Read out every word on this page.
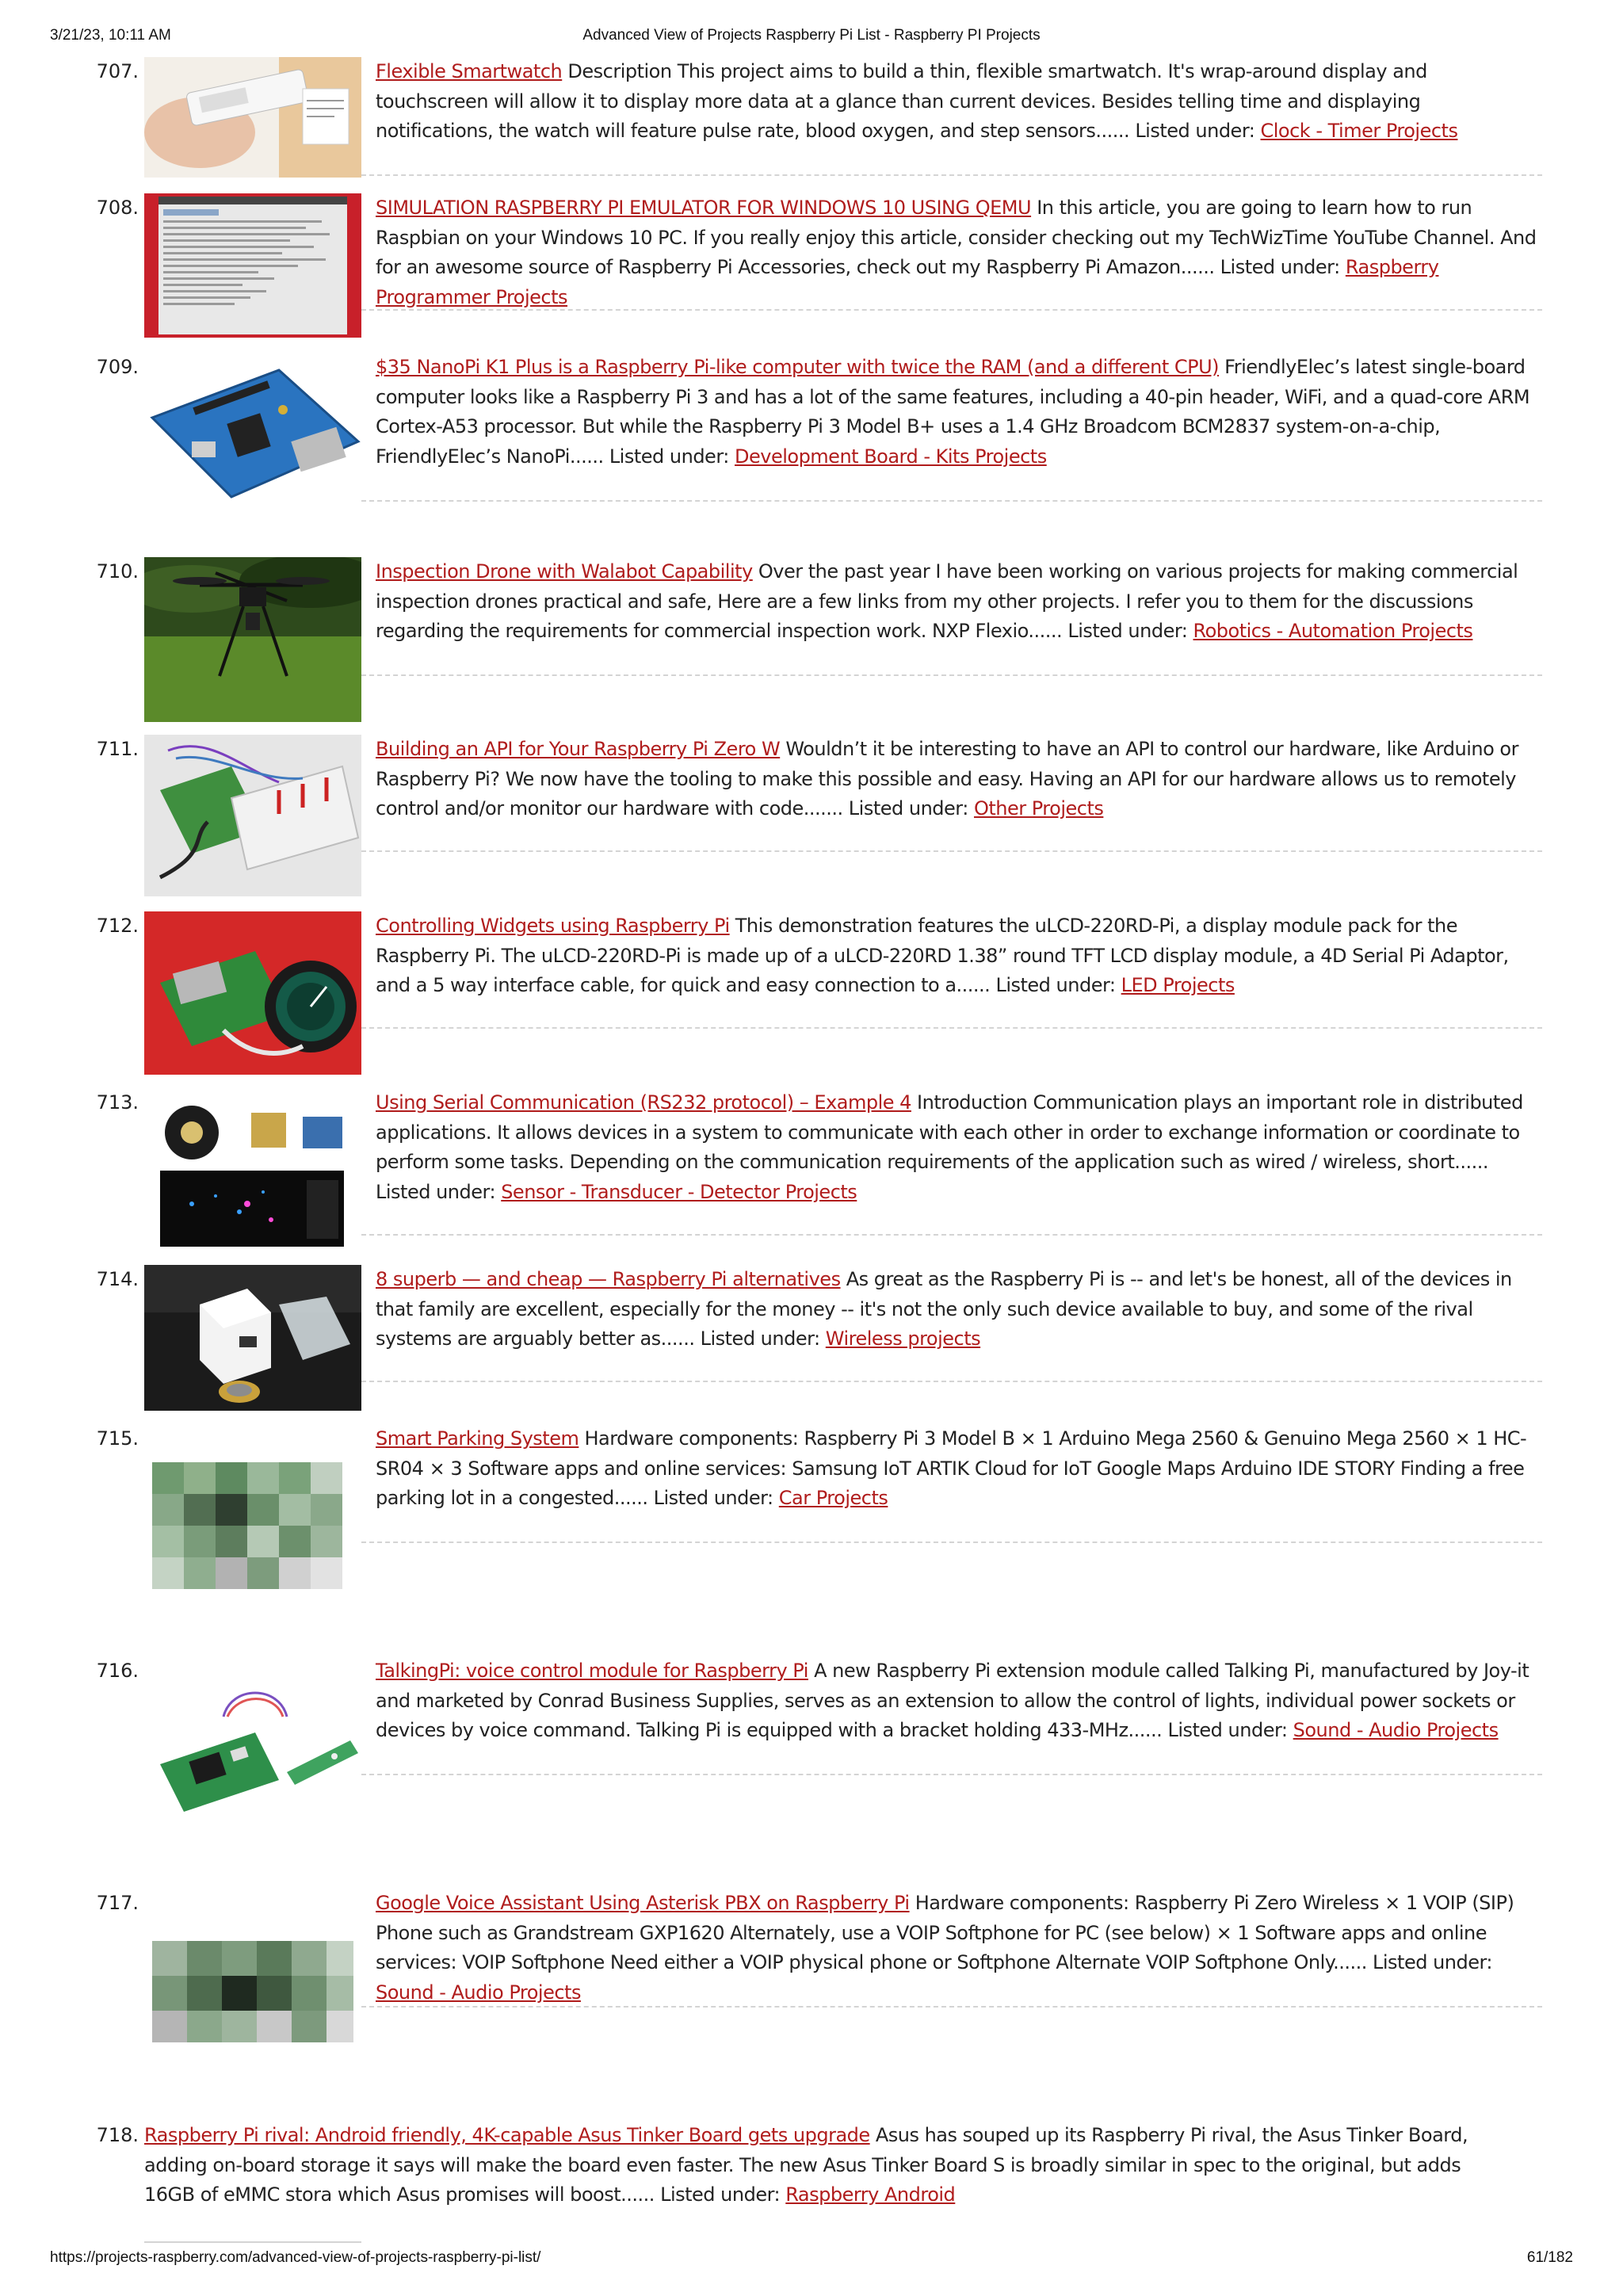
3/21/23, 10:11 AM	Advanced View of Projects Raspberry Pi List - Raspberry PI Projects
707.	Flexible Smartwatch Description This project aims to build a thin, flexible smartwatch. It's wrap-around display and touchscreen will allow it to display more data at a glance than current devices. Besides telling time and displaying notifications, the watch will feature pulse rate, blood oxygen, and step sensors...... Listed under: Clock - Timer Projects
708.	SIMULATION RASPBERRY PI EMULATOR FOR WINDOWS 10 USING QEMU In this article, you are going to learn how to run Raspbian on your Windows 10 PC. If you really enjoy this article, consider checking out my TechWizTime YouTube Channel. And for an awesome source of Raspberry Pi Accessories, check out my Raspberry Pi Amazon...... Listed under: Raspberry Programmer Projects
709.	$35 NanoPi K1 Plus is a Raspberry Pi-like computer with twice the RAM (and a different CPU) FriendlyElec’s latest single-board computer looks like a Raspberry Pi 3 and has a lot of the same features, including a 40-pin header, WiFi, and a quad-core ARM Cortex-A53 processor. But while the Raspberry Pi 3 Model B+ uses a 1.4 GHz Broadcom BCM2837 system-on-a-chip, FriendlyElec’s NanoPi...... Listed under: Development Board - Kits Projects
710.	Inspection Drone with Walabot Capability Over the past year I have been working on various projects for making commercial inspection drones practical and safe, Here are a few links from my other projects. I refer you to them for the discussions regarding the requirements for commercial inspection work. NXP Flexio...... Listed under: Robotics - Automation Projects
711.	Building an API for Your Raspberry Pi Zero W Wouldn’t it be interesting to have an API to control our hardware, like Arduino or Raspberry Pi? We now have the tooling to make this possible and easy. Having an API for our hardware allows us to remotely control and/or monitor our hardware with code....... Listed under: Other Projects
712.	Controlling Widgets using Raspberry Pi This demonstration features the uLCD-220RD-Pi, a display module pack for the Raspberry Pi. The uLCD-220RD-Pi is made up of a uLCD-220RD 1.38” round TFT LCD display module, a 4D Serial Pi Adaptor, and a 5 way interface cable, for quick and easy connection to a...... Listed under: LED Projects
713.	Using Serial Communication (RS232 protocol) – Example 4 Introduction Communication plays an important role in distributed applications. It allows devices in a system to communicate with each other in order to exchange information or coordinate to perform some tasks. Depending on the communication requirements of the application such as wired / wireless, short...... Listed under: Sensor - Transducer - Detector Projects
714.	8 superb — and cheap — Raspberry Pi alternatives As great as the Raspberry Pi is -- and let's be honest, all of the devices in that family are excellent, especially for the money -- it's not the only such device available to buy, and some of the rival systems are arguably better as...... Listed under: Wireless projects
715.	Smart Parking System Hardware components: Raspberry Pi 3 Model B × 1 Arduino Mega 2560 & Genuino Mega 2560 × 1 HC-SR04 × 3 Software apps and online services: Samsung IoT ARTIK Cloud for IoT Google Maps Arduino IDE STORY Finding a free parking lot in a congested...... Listed under: Car Projects
716.	TalkingPi: voice control module for Raspberry Pi A new Raspberry Pi extension module called Talking Pi, manufactured by Joy-it and marketed by Conrad Business Supplies, serves as an extension to allow the control of lights, individual power sockets or devices by voice command. Talking Pi is equipped with a bracket holding 433-MHz...... Listed under: Sound - Audio Projects
717.	Google Voice Assistant Using Asterisk PBX on Raspberry Pi Hardware components: Raspberry Pi Zero Wireless × 1 VOIP (SIP) Phone such as Grandstream GXP1620 Alternately, use a VOIP Softphone for PC (see below) × 1 Software apps and online services: VOIP Softphone Need either a VOIP physical phone or Softphone Alternate VOIP Softphone Only...... Listed under: Sound - Audio Projects
718. Raspberry Pi rival: Android friendly, 4K-capable Asus Tinker Board gets upgrade Asus has souped up its Raspberry Pi rival, the Asus Tinker Board, adding on-board storage it says will make the board even faster. The new Asus Tinker Board S is broadly similar in spec to the original, but adds 16GB of eMMC stora which Asus promises will boost...... Listed under: Raspberry Android
https://projects-raspberry.com/advanced-view-of-projects-raspberry-pi-list/	61/182
